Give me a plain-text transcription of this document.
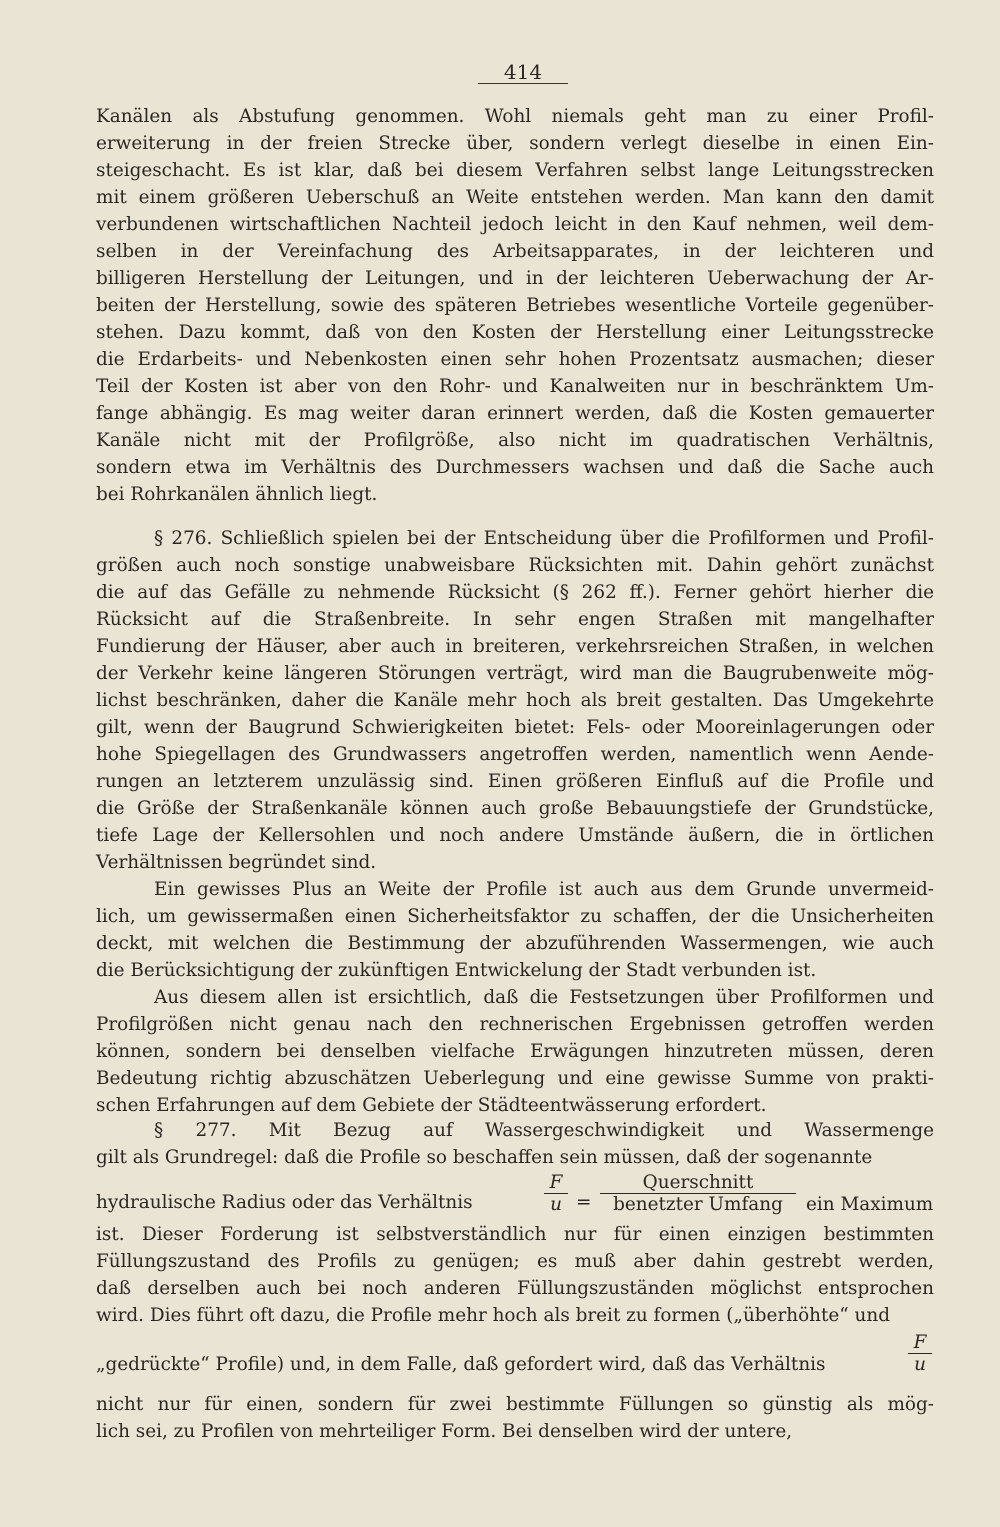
414

Kanälen als Abstufung genommen. Wohl niemals geht man zu einer Profil-

erweiterung in der freien Strecke über, sondern verlegt dieselbe in einen Ein-

steigeschacht. Es ist klar, daß bei diesem Verfahren selbst lange Leitungsstrecken

mit einem größeren Ueberschuß an Weite entstehen werden. Man kann den damit

verbundenen wirtschaftlichen Nachteil jedoch leicht in den Kauf nehmen, weil dem-

selben in der Vereinfachung des Arbeitsapparates, in der leichteren und

billigeren Herstellung der Leitungen, und in der leichteren Ueberwachung der Ar-

beiten der Herstellung, sowie des späteren Betriebes wesentliche Vorteile gegenüber-

stehen. Dazu kommt, daß von den Kosten der Herstellung einer Leitungsstrecke

die Erdarbeits- und Nebenkosten einen sehr hohen Prozentsatz ausmachen; dieser

Teil der Kosten ist aber von den Rohr- und Kanalweiten nur in beschränktem Um-

fange abhängig. Es mag weiter daran erinnert werden, daß die Kosten gemauerter

Kanäle nicht mit der Profilgröße, also nicht im quadratischen Verhältnis,

sondern etwa im Verhältnis des Durchmessers wachsen und daß die Sache auch

bei Rohrkanälen ähnlich liegt.

§ 276. Schließlich spielen bei der Entscheidung über die Profilformen und Profil-

größen auch noch sonstige unabweisbare Rücksichten mit. Dahin gehört zunächst

die auf das Gefälle zu nehmende Rücksicht (§ 262 ff.). Ferner gehört hierher die

Rücksicht auf die Straßenbreite. In sehr engen Straßen mit mangelhafter

Fundierung der Häuser, aber auch in breiteren, verkehrsreichen Straßen, in welchen

der Verkehr keine längeren Störungen verträgt, wird man die Baugrubenweite mög-

lichst beschränken, daher die Kanäle mehr hoch als breit gestalten. Das Umgekehrte

gilt, wenn der Baugrund Schwierigkeiten bietet: Fels- oder Mooreinlagerungen oder

hohe Spiegellagen des Grundwassers angetroffen werden, namentlich wenn Aende-

rungen an letzterem unzulässig sind. Einen größeren Einfluß auf die Profile und

die Größe der Straßenkanäle können auch große Bebauungstiefe der Grundstücke,

tiefe Lage der Kellersohlen und noch andere Umstände äußern, die in örtlichen

Verhältnissen begründet sind.

Ein gewisses Plus an Weite der Profile ist auch aus dem Grunde unvermeid-

lich, um gewissermaßen einen Sicherheitsfaktor zu schaffen, der die Unsicherheiten

deckt, mit welchen die Bestimmung der abzuführenden Wassermengen, wie auch

die Berücksichtigung der zukünftigen Entwickelung der Stadt verbunden ist.

Aus diesem allen ist ersichtlich, daß die Festsetzungen über Profilformen und

Profilgrößen nicht genau nach den rechnerischen Ergebnissen getroffen werden

können, sondern bei denselben vielfache Erwägungen hinzutreten müssen, deren

Bedeutung richtig abzuschätzen Ueberlegung und eine gewisse Summe von prakti-

schen Erfahrungen auf dem Gebiete der Städteentwässerung erfordert.

§ 277. Mit Bezug auf Wassergeschwindigkeit und Wassermenge

gilt als Grundregel: daß die Profile so beschaffen sein müssen, daß der sogenannte

hydraulische Radius oder das Verhältnis	$\frac{F}{u}$ =
Querschnitt
benetzter Umfang	ein Maximum

ist. Dieser Forderung ist selbstverständlich nur für einen einzigen bestimmten

Füllungszustand des Profils zu genügen; es muß aber dahin gestrebt werden,

daß derselben auch bei noch anderen Füllungszuständen möglichst entsprochen

wird. Dies führt oft dazu, die Profile mehr hoch als breit zu formen („überhöhte“ und

„gedrückte“ Profile) und, in dem Falle, daß gefordert wird, daß das Verhältnis	$\frac{F}{u}$

nicht nur für einen, sondern für zwei bestimmte Füllungen so günstig als mög-

lich sei, zu Profilen von mehrteiliger Form. Bei denselben wird der untere,
